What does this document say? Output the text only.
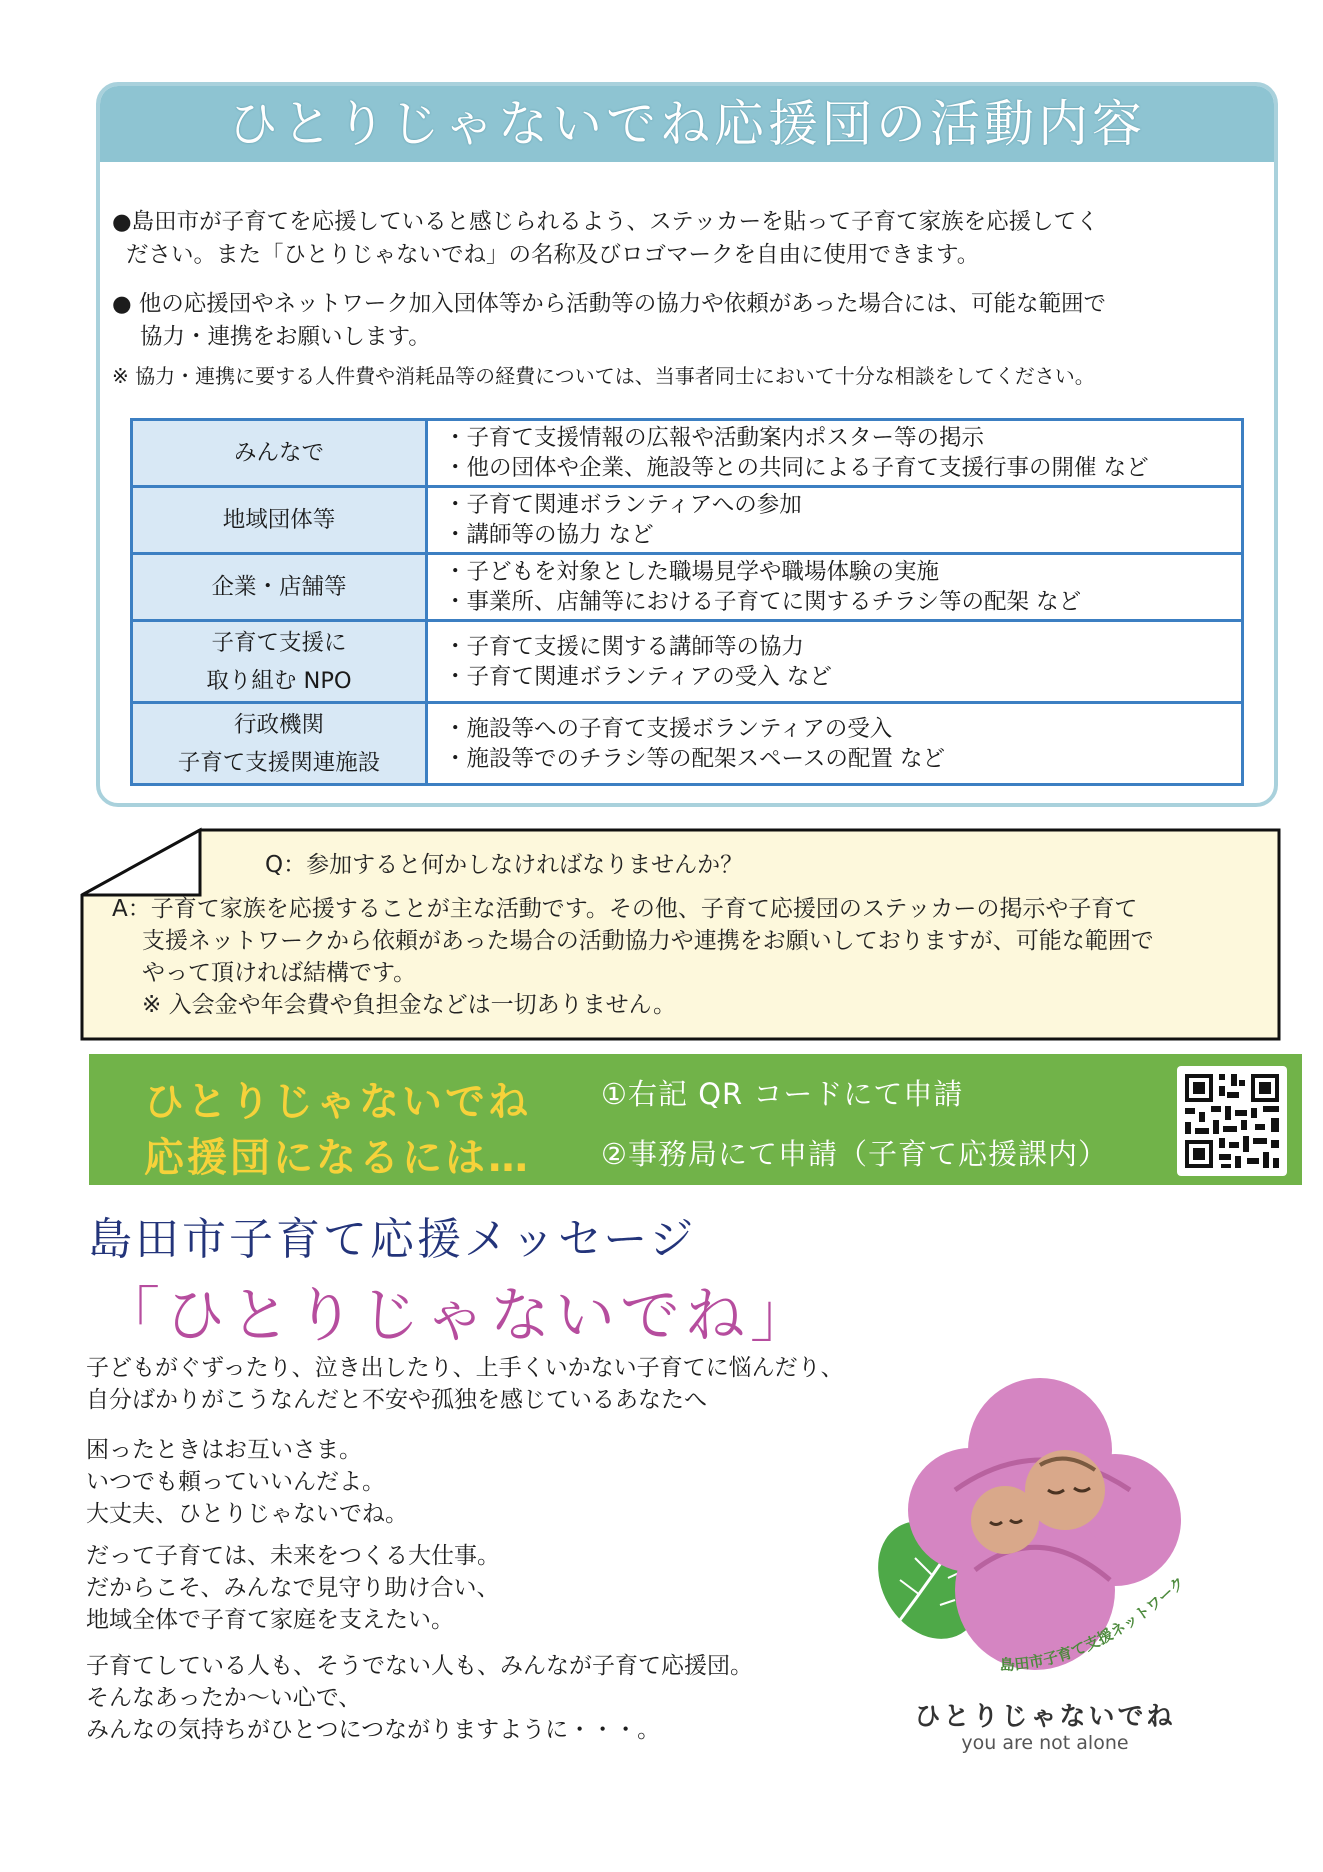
ひとりじゃないでね応援団の活動内容
●島田市が子育てを応援していると感じられるよう、ステッカーを貼って子育て家族を応援してく
ださい。また「ひとりじゃないでね」の名称及びロゴマークを自由に使用できます。
● 他の応援団やネットワーク加入団体等から活動等の協力や依頼があった場合には、可能な範囲で
協力・連携をお願いします。
※ 協力・連携に要する人件費や消耗品等の経費については、当事者同士において十分な相談をしてください。
みんなで	・子育て支援情報の広報や活動案内ポスター等の掲示
・他の団体や企業、施設等との共同による子育て支援行事の開催 など

地域団体等	・子育て関連ボランティアへの参加
・講師等の協力 など

企業・店舗等	・子どもを対象とした職場見学や職場体験の実施
・事業所、店舗等における子育てに関するチラシ等の配架 など

子育て支援に
取り組む NPO	・子育て支援に関する講師等の協力
・子育て関連ボランティアの受入 など

行政機関
子育て支援関連施設	・施設等への子育て支援ボランティアの受入
・施設等でのチラシ等の配架スペースの配置 など
Q：参加すると何かしなければなりませんか？
A：子育て家族を応援することが主な活動です。その他、子育て応援団のステッカーの掲示や子育て
支援ネットワークから依頼があった場合の活動協力や連携をお願いしておりますが、可能な範囲で
やって頂ければ結構です。
※ 入会金や年会費や負担金などは一切ありません。
ひとりじゃないでね
応援団になるには…
①右記 QR コードにて申請
②事務局にて申請（子育て応援課内）
島田市子育て応援メッセージ
「ひとりじゃないでね」
子どもがぐずったり、泣き出したり、上手くいかない子育てに悩んだり、
自分ばかりがこうなんだと不安や孤独を感じているあなたへ
困ったときはお互いさま。
いつでも頼っていいんだよ。
大丈夫、ひとりじゃないでね。
だって子育ては、未来をつくる大仕事。
だからこそ、みんなで見守り助け合い、
地域全体で子育て家庭を支えたい。
子育てしている人も、そうでない人も、みんなが子育て応援団。
そんなあったか〜い心で、
みんなの気持ちがひとつにつながりますように・・・。
島田市子育て支援ネットワーク
ひとりじゃないでね
you are not alone
